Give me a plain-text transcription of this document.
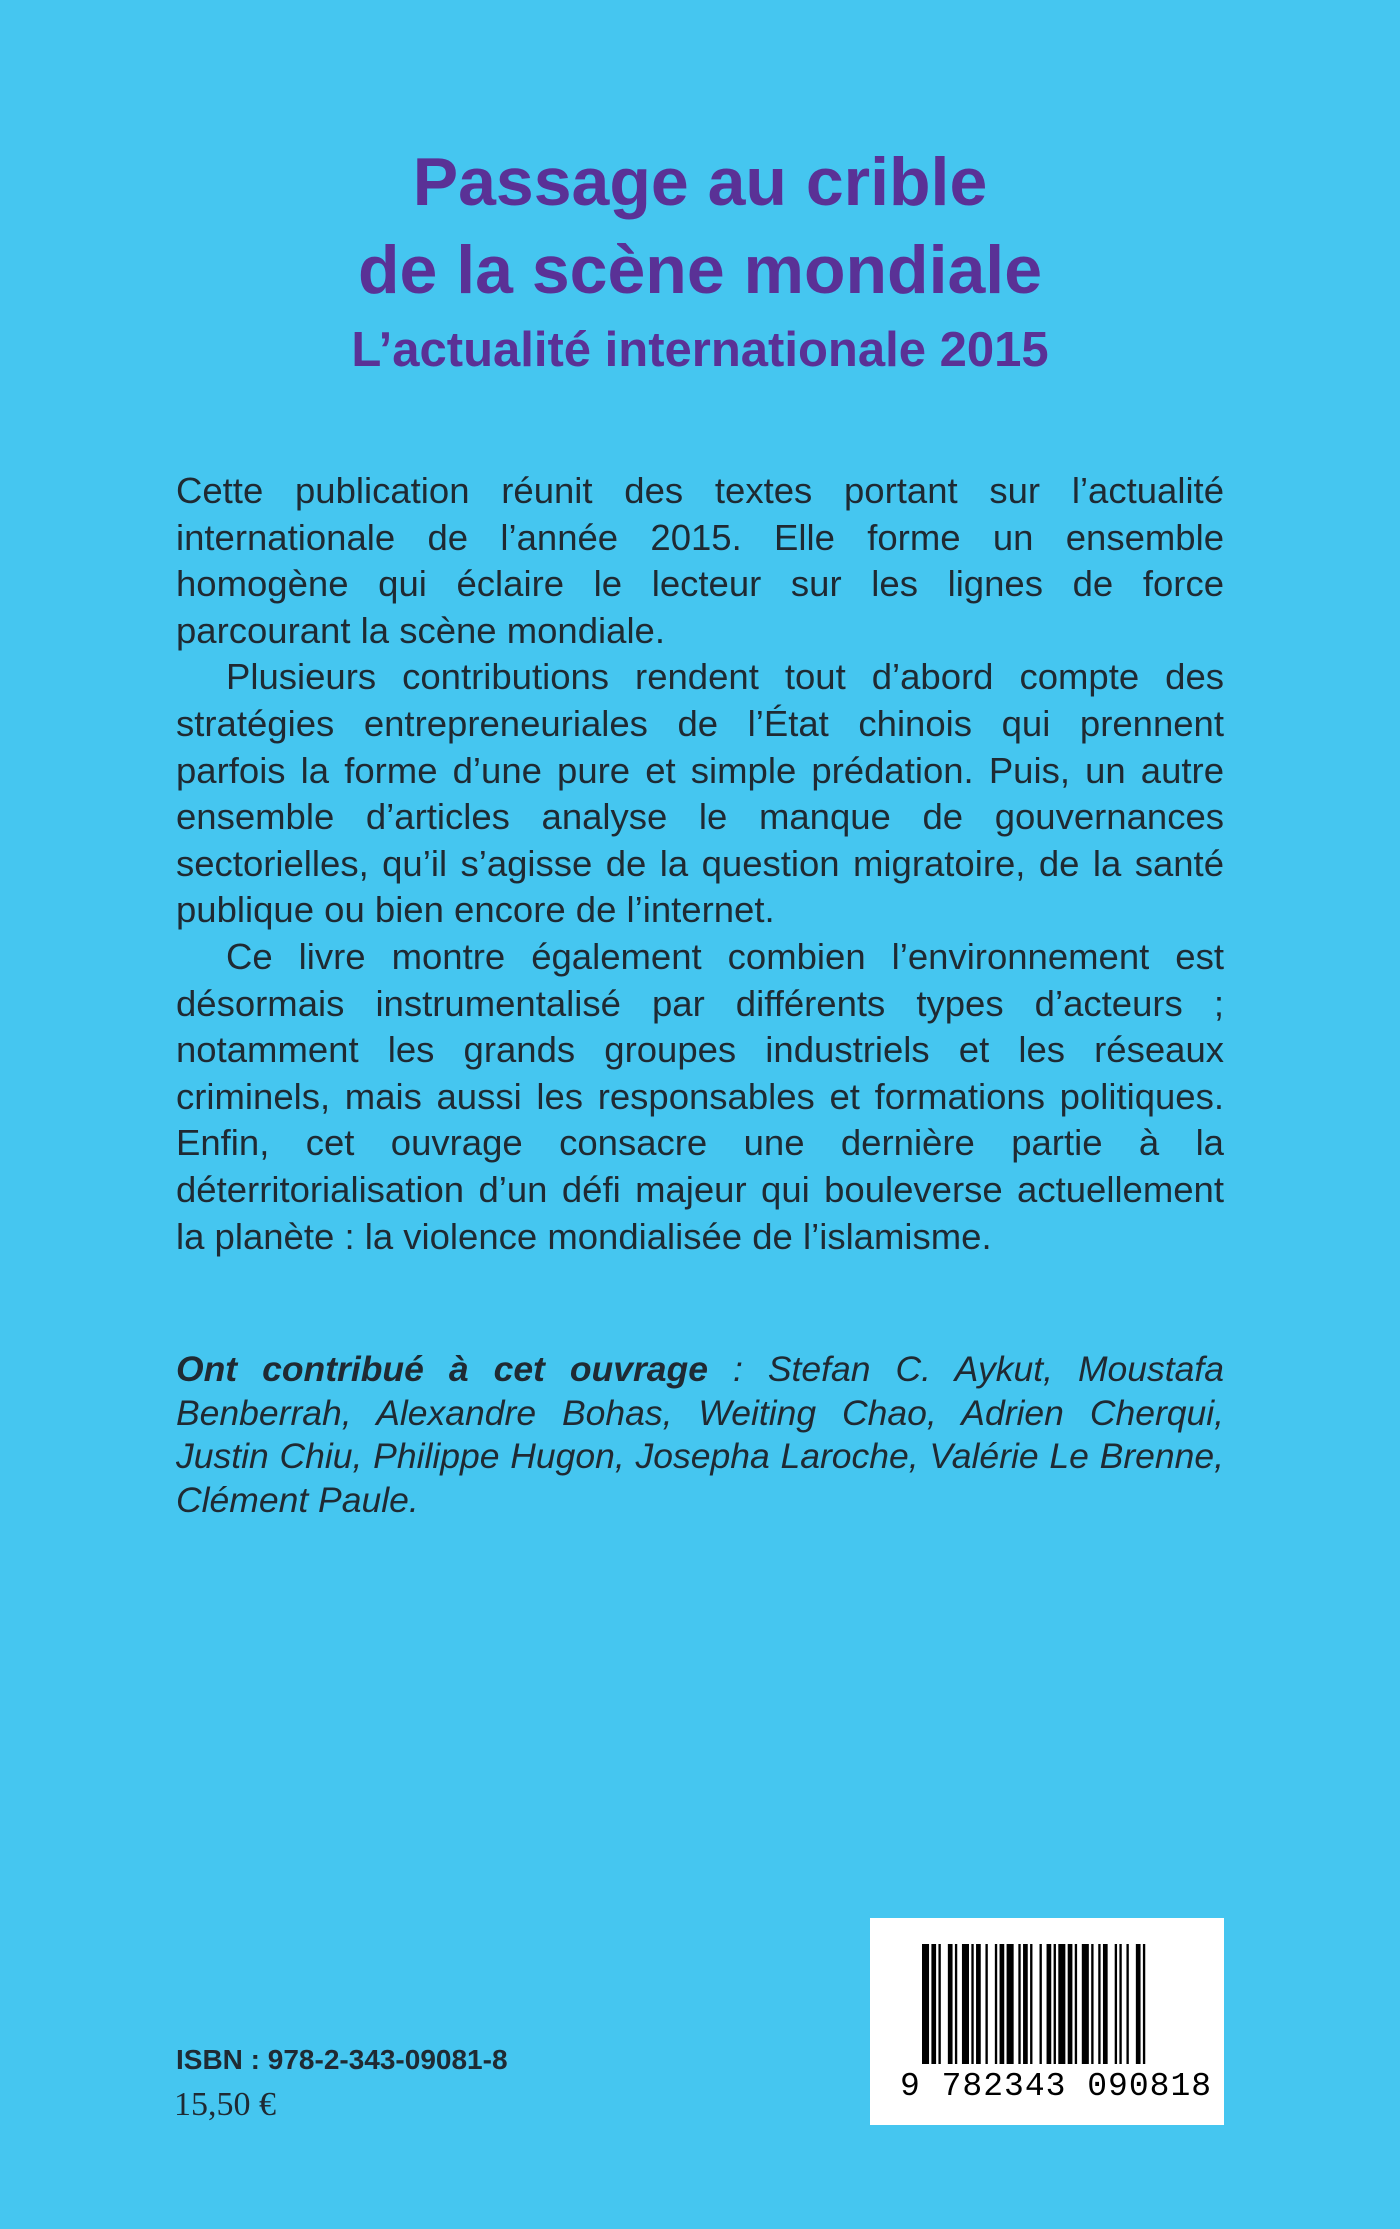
Passage au crible

de la scène mondiale

L’actualité internationale 2015

Cette publication réunit des textes portant sur l’actualité internationale de l’année 2015. Elle forme un ensemble homogène qui éclaire le lecteur sur les lignes de force parcourant la scène mondiale.

Plusieurs contributions rendent tout d’abord compte des stratégies entrepreneuriales de l’État chinois qui prennent parfois la forme d’une pure et simple prédation. Puis, un autre ensemble d’articles analyse le manque de gouvernances sectorielles, qu’il s’agisse de la question migratoire, de la santé publique ou bien encore de l’internet.

Ce livre montre également combien l’environnement est désormais instrumentalisé par différents types d’acteurs ; notamment les grands groupes industriels et les réseaux criminels, mais aussi les responsables et formations politiques. Enfin, cet ouvrage consacre une dernière partie à la déterritorialisation d’un défi majeur qui bouleverse actuellement la planète : la violence mondialisée de l’islamisme.

Ont contribué à cet ouvrage : Stefan C. Aykut, Moustafa Benberrah, Alexandre Bohas, Weiting Chao, Adrien Cherqui, Justin Chiu, Philippe Hugon, Josepha Laroche, Valérie Le Brenne, Clément Paule.

ISBN : 978-2-343-09081-8
15,50 €	9 782343 090818
